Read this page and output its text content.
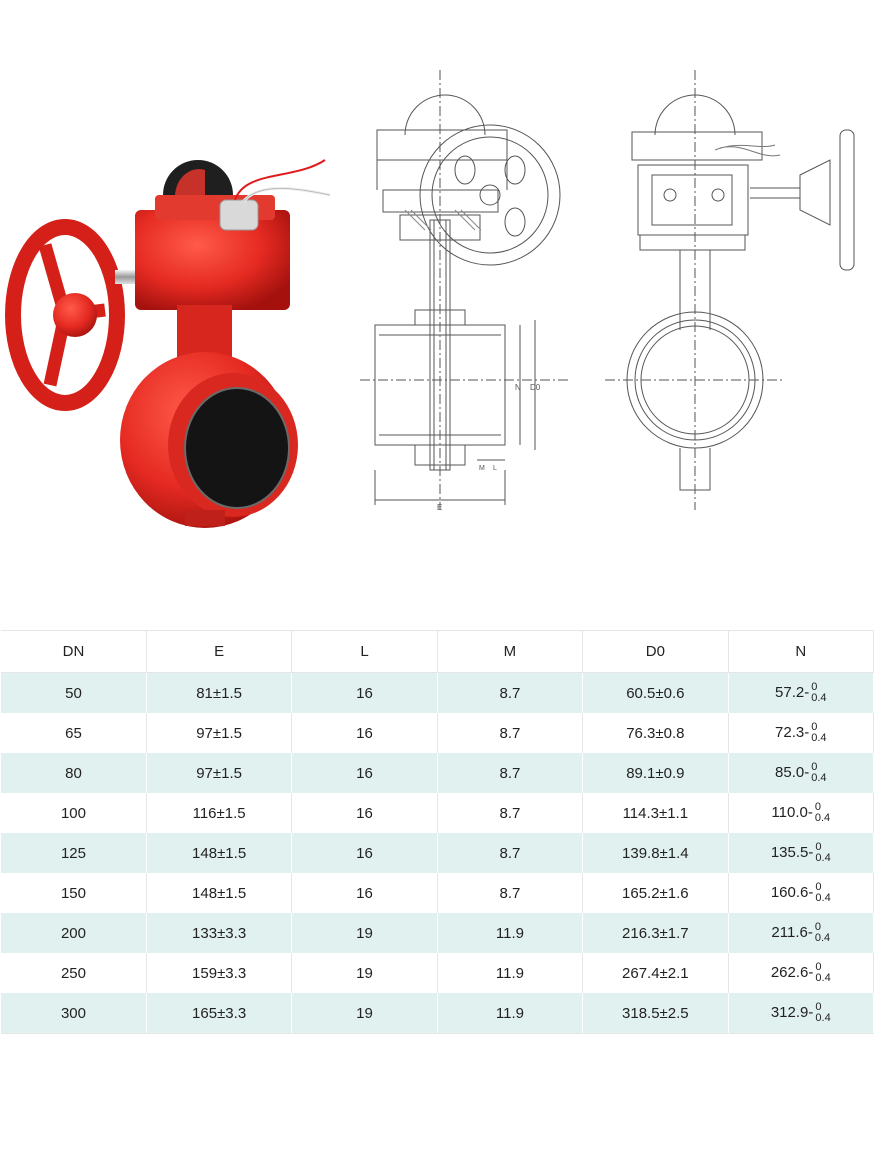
N D0
E
M L
DN	E	L	M	D0	N
50	81±1.5	16	8.7	60.5±0.6	57.2- 0
0.4

65	97±1.5	16	8.7	76.3±0.8	72.3- 0
0.4

80	97±1.5	16	8.7	89.1±0.9	85.0- 0
0.4

100	116±1.5	16	8.7	114.3±1.1	110.0- 0
0.4

125	148±1.5	16	8.7	139.8±1.4	135.5- 0
0.4

150	148±1.5	16	8.7	165.2±1.6	160.6- 0
0.4

200	133±3.3	19	11.9	216.3±1.7	211.6- 0
0.4

250	159±3.3	19	11.9	267.4±2.1	262.6- 0
0.4

300	165±3.3	19	11.9	318.5±2.5	312.9- 0
0.4
